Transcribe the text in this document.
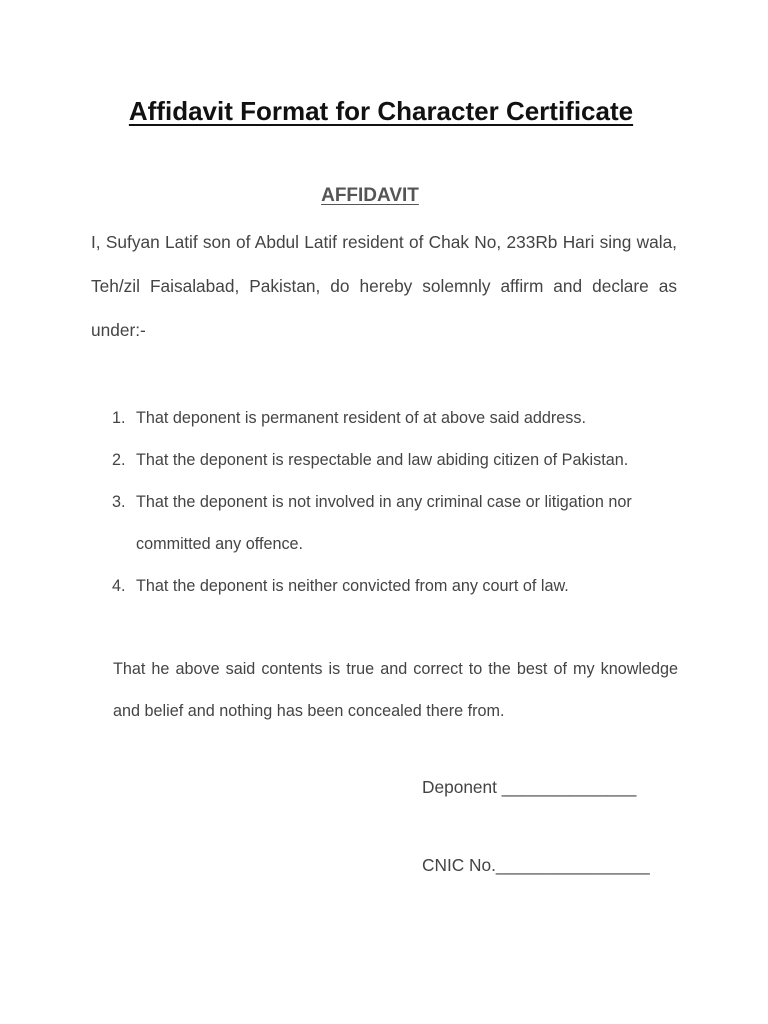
Affidavit Format for Character Certificate
AFFIDAVIT

I, Sufyan Latif son of Abdul Latif resident of Chak No, 233Rb Hari sing wala, Teh/zil Faisalabad, Pakistan, do hereby solemnly affirm and declare as under:-

1. That deponent is permanent resident of at above said address.
2. That the deponent is respectable and law abiding citizen of Pakistan.
3. That the deponent is not involved in any criminal case or litigation nor committed any offence.
4. That the deponent is neither convicted from any court of law.

That he above said contents is true and correct to the best of my knowledge and belief and nothing has been concealed there from.

Deponent ______________

CNIC No.________________
